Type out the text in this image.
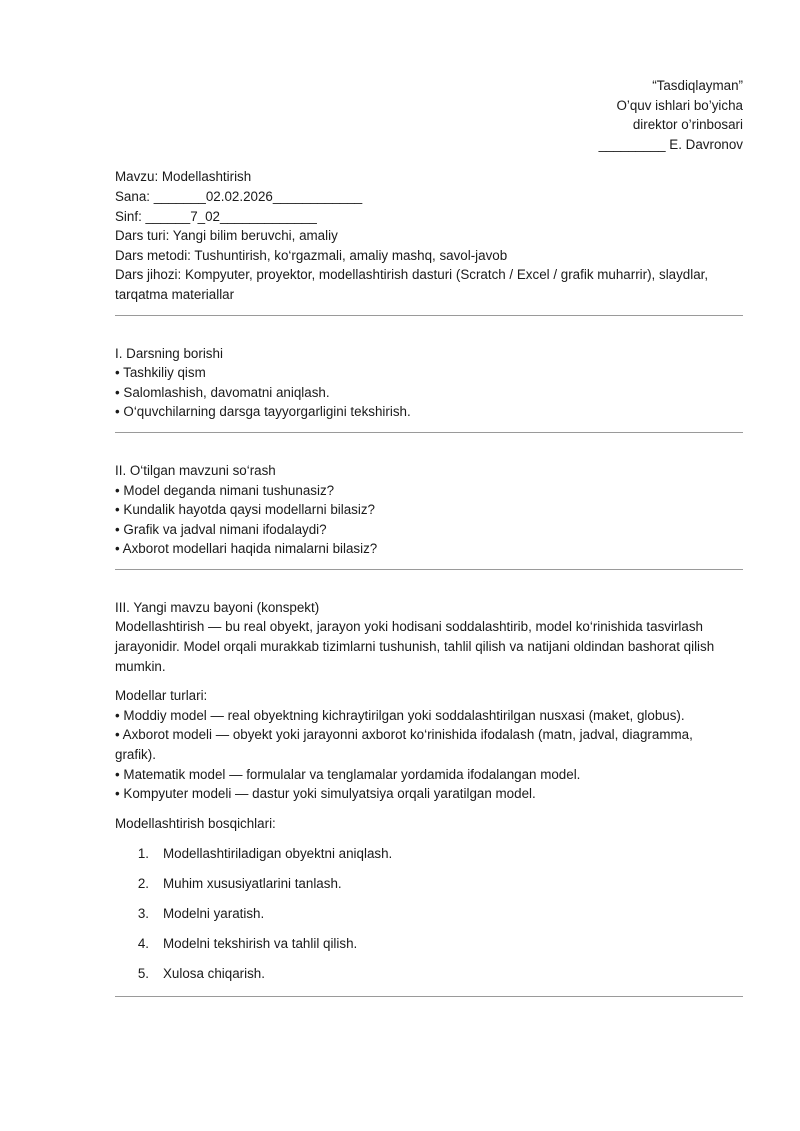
“Tasdiqlayman”
O’quv ishlari bo’yicha
direktor o’rinbosari
_________ E. Davronov
Mavzu: Modellashtirish
Sana: _______02.02.2026____________
Sinf: ______7_02_____________
Dars turi: Yangi bilim beruvchi, amaliy
Dars metodi: Tushuntirish, ko‘rgazmali, amaliy mashq, savol-javob
Dars jihozi: Kompyuter, proyektor, modellashtirish dasturi (Scratch / Excel / grafik muharrir), slaydlar,
tarqatma materiallar
I. Darsning borishi
• Tashkiliy qism
• Salomlashish, davomatni aniqlash.
• O‘quvchilarning darsga tayyorgarligini tekshirish.
II. O‘tilgan mavzuni so‘rash
• Model deganda nimani tushunasiz?
• Kundalik hayotda qaysi modellarni bilasiz?
• Grafik va jadval nimani ifodalaydi?
• Axborot modellari haqida nimalarni bilasiz?
III. Yangi mavzu bayoni (konspekt)
Modellashtirish — bu real obyekt, jarayon yoki hodisani soddalashtirib, model ko‘rinishida tasvirlash
jarayonidir. Model orqali murakkab tizimlarni tushunish, tahlil qilish va natijani oldindan bashorat qilish
mumkin.
Modellar turlari:
• Moddiy model — real obyektning kichraytirilgan yoki soddalashtirilgan nusxasi (maket, globus).
• Axborot modeli — obyekt yoki jarayonni axborot ko‘rinishida ifodalash (matn, jadval, diagramma,
grafik).
• Matematik model — formulalar va tenglamalar yordamida ifodalangan model.
• Kompyuter modeli — dastur yoki simulyatsiya orqali yaratilgan model.
Modellashtirish bosqichlari:
1.	Modellashtiriladigan obyektni aniqlash.
2.	Muhim xususiyatlarini tanlash.
3.	Modelni yaratish.
4.	Modelni tekshirish va tahlil qilish.
5.	Xulosa chiqarish.
